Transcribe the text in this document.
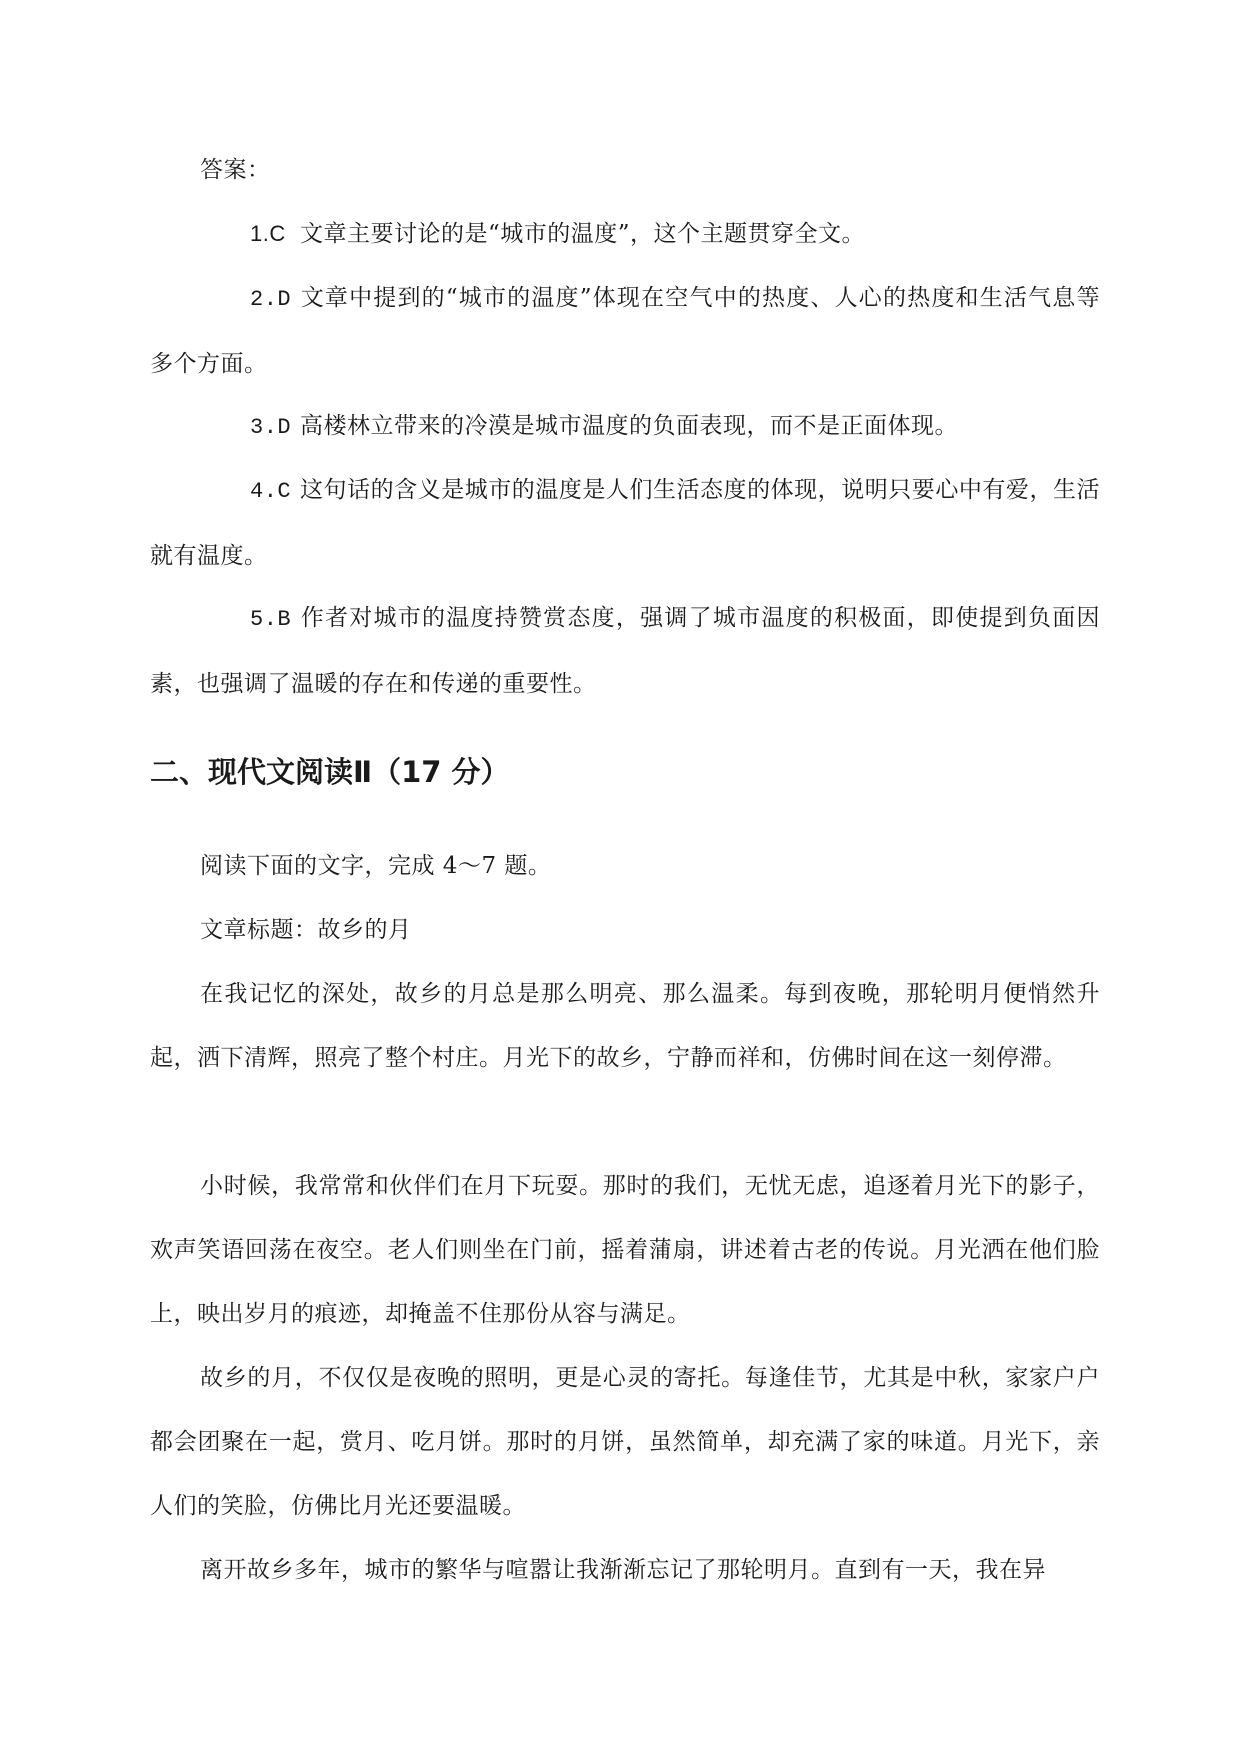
答案：
1.C 文章主要讨论的是“城市的温度”，这个主题贯穿全文。
2.D 文章中提到的“城市的温度”体现在空气中的热度、人心的热度和生活气息等多个方面。
3.D 高楼林立带来的冷漠是城市温度的负面表现，而不是正面体现。
4.C 这句话的含义是城市的温度是人们生活态度的体现，说明只要心中有爱，生活就有温度。
5.B 作者对城市的温度持赞赏态度，强调了城市温度的积极面，即使提到负面因素，也强调了温暖的存在和传递的重要性。
二、现代文阅读Ⅱ（17 分）
阅读下面的文字，完成 4～7 题。
文章标题：故乡的月
在我记忆的深处，故乡的月总是那么明亮、那么温柔。每到夜晚，那轮明月便悄然升起，洒下清辉，照亮了整个村庄。月光下的故乡，宁静而祥和，仿佛时间在这一刻停滞。
小时候，我常常和伙伴们在月下玩耍。那时的我们，无忧无虑，追逐着月光下的影子，欢声笑语回荡在夜空。老人们则坐在门前，摇着蒲扇，讲述着古老的传说。月光洒在他们脸上，映出岁月的痕迹，却掩盖不住那份从容与满足。
故乡的月，不仅仅是夜晚的照明，更是心灵的寄托。每逢佳节，尤其是中秋，家家户户都会团聚在一起，赏月、吃月饼。那时的月饼，虽然简单，却充满了家的味道。月光下，亲人们的笑脸，仿佛比月光还要温暖。
离开故乡多年，城市的繁华与喧嚣让我渐渐忘记了那轮明月。直到有一天，我在异
